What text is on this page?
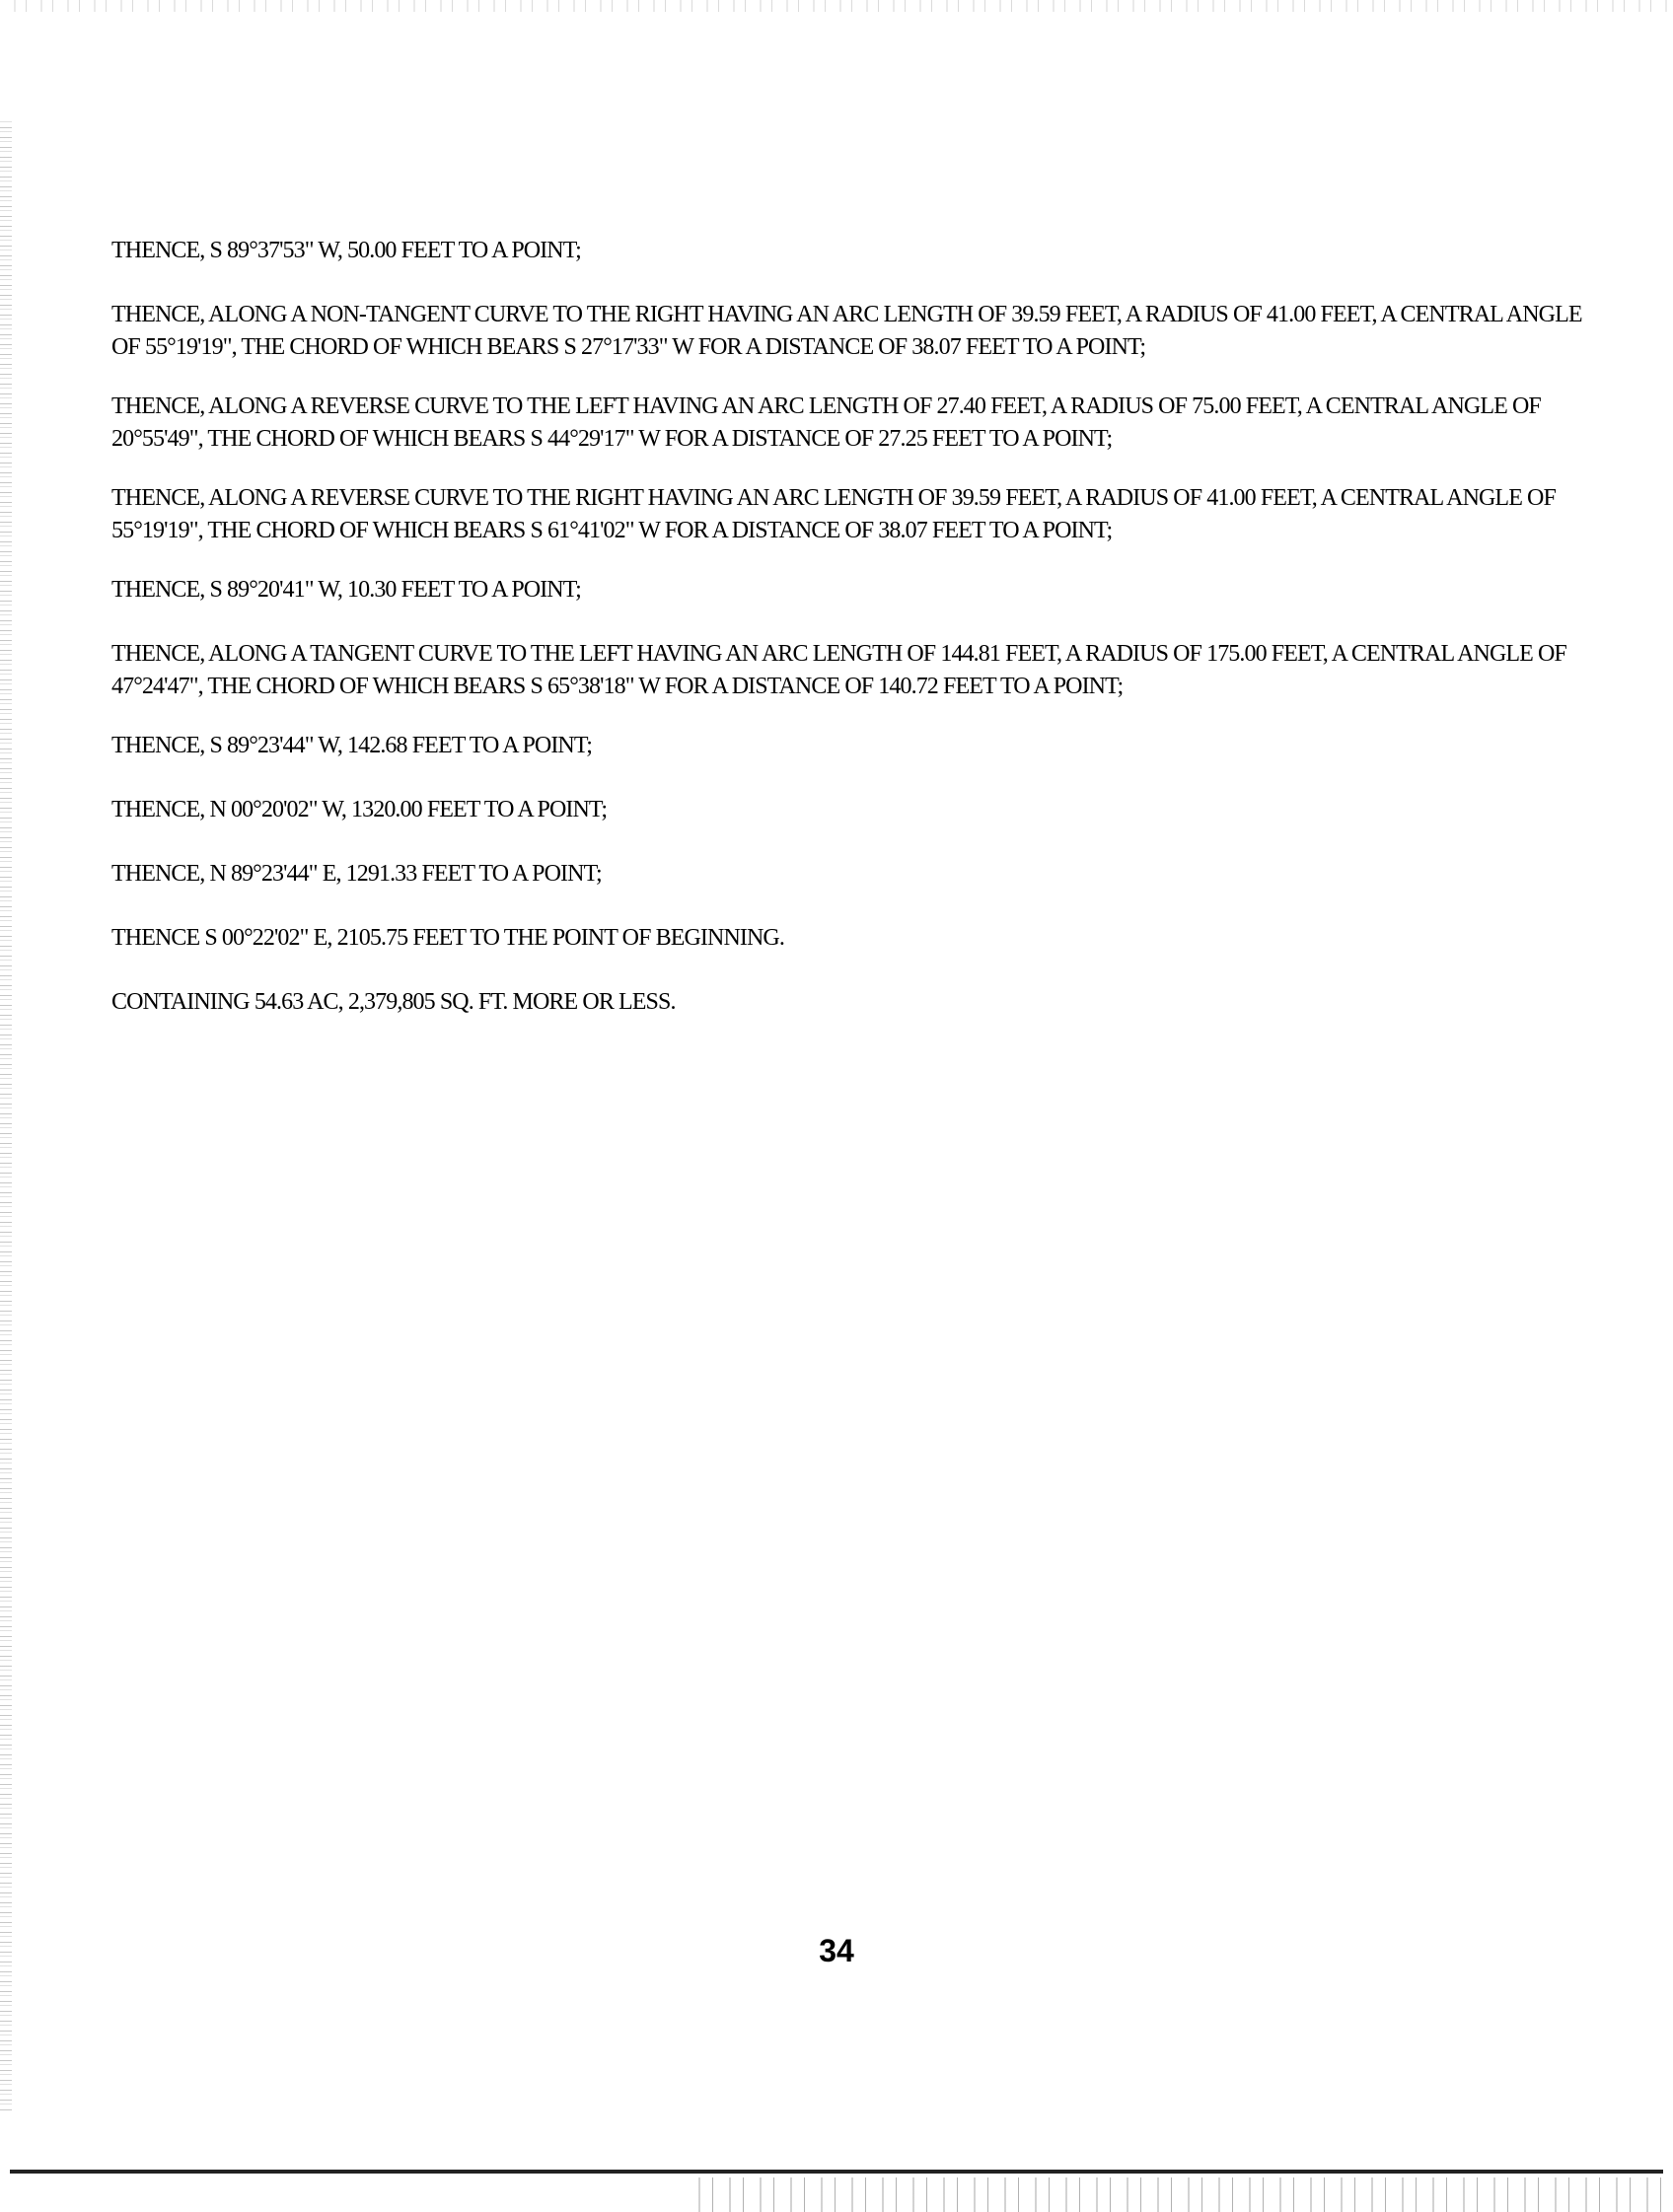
THENCE, S 89°37'53" W, 50.00 FEET TO A POINT;

THENCE, ALONG A NON-TANGENT CURVE TO THE RIGHT HAVING AN ARC LENGTH OF 39.59 FEET, A RADIUS OF 41.00 FEET, A CENTRAL ANGLE OF 55°19'19", THE CHORD OF WHICH BEARS S 27°17'33" W FOR A DISTANCE OF 38.07 FEET TO A POINT;

THENCE, ALONG A REVERSE CURVE TO THE LEFT HAVING AN ARC LENGTH OF 27.40 FEET, A RADIUS OF 75.00 FEET, A CENTRAL ANGLE OF 20°55'49", THE CHORD OF WHICH BEARS S 44°29'17" W FOR A DISTANCE OF 27.25 FEET TO A POINT;

THENCE, ALONG A REVERSE CURVE TO THE RIGHT HAVING AN ARC LENGTH OF 39.59 FEET, A RADIUS OF 41.00 FEET, A CENTRAL ANGLE OF 55°19'19", THE CHORD OF WHICH BEARS S 61°41'02" W FOR A DISTANCE OF 38.07 FEET TO A POINT;

THENCE, S 89°20'41" W, 10.30 FEET TO A POINT;

THENCE, ALONG A TANGENT CURVE TO THE LEFT HAVING AN ARC LENGTH OF 144.81 FEET, A RADIUS OF 175.00 FEET, A CENTRAL ANGLE OF 47°24'47", THE CHORD OF WHICH BEARS S 65°38'18" W FOR A DISTANCE OF 140.72 FEET TO A POINT;

THENCE, S 89°23'44" W, 142.68 FEET TO A POINT;

THENCE, N 00°20'02" W, 1320.00 FEET TO A POINT;

THENCE, N 89°23'44" E, 1291.33 FEET TO A POINT;

THENCE S 00°22'02" E, 2105.75 FEET TO THE POINT OF BEGINNING.

CONTAINING 54.63 AC, 2,379,805 SQ. FT. MORE OR LESS.

34
